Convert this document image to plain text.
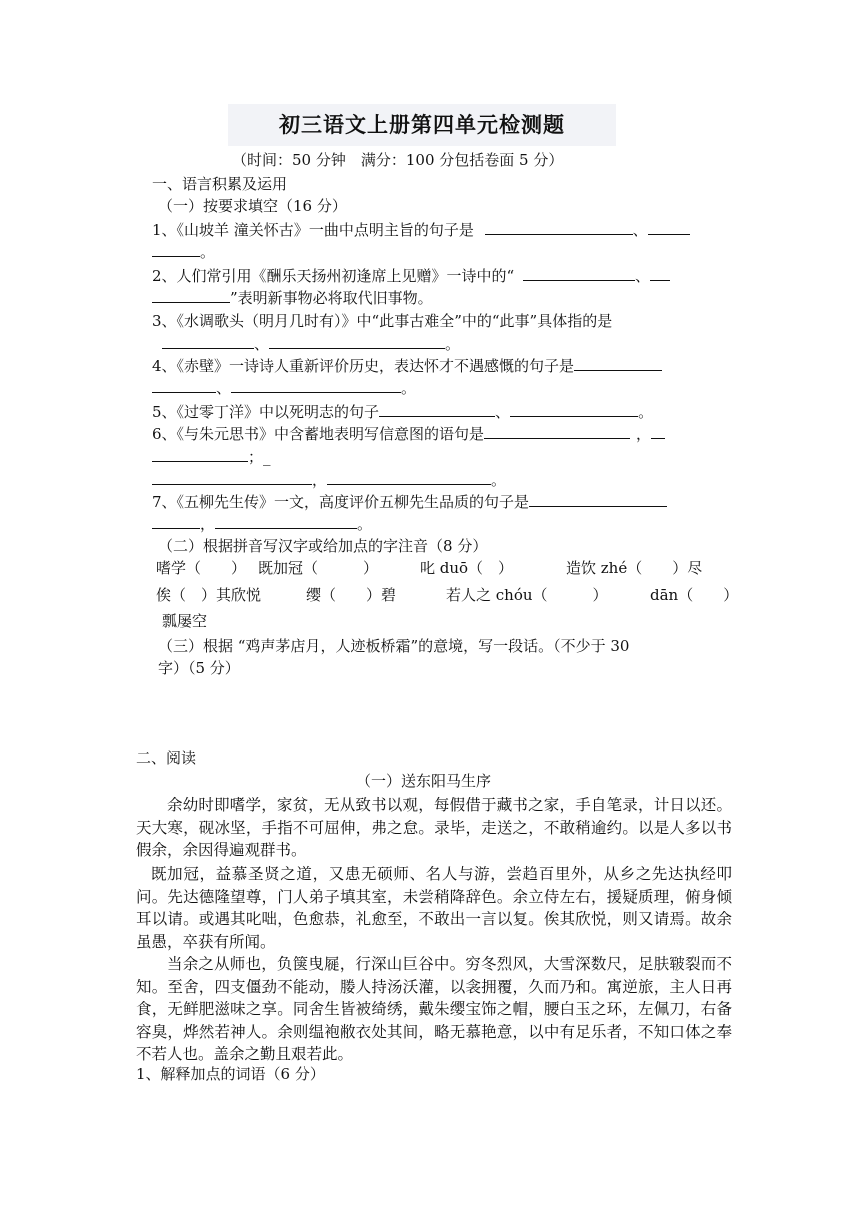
初三语文上册第四单元检测题
（时间：50 分钟　满分：100 分包括卷面 5 分）
一、语言积累及运用
（一）按要求填空（16 分）
1、《山坡羊 潼关怀古》一曲中点明主旨的句子是	、
。
2、人们常引用《酬乐天扬州初逢席上见赠》一诗中的“	、
”表明新事物必将取代旧事物。
3、《水调歌头（明月几时有）》中“此事古难全”中的“此事”具体指的是
、	。
4、《赤壁》一诗诗人重新评价历史，表达怀才不遇感慨的句子是
、	。
5、《过零丁洋》中以死明志的句子	、	。
6、《与朱元思书》中含蓄地表明写信意图的语句是	，
；_
，	。
7、《五柳先生传》一文，高度评价五柳先生品质的句子是
，	。
（二）根据拼音写汉字或给加点的字注音（8 分）
嗜学（　　） 既加冠（　　　）	叱 duō（　）	造饮 zhé（　　）尽
俟（　）其欣悦	缨（　　）碧	若人之 chóu（　　　）	dān（　　）
瓢屡空
（三）根据 “鸡声茅店月，人迹板桥霜”的意境，写一段话。（不少于 30
字）（5 分）
二、阅读
（一）送东阳马生序
余幼时即嗜学，家贫，无从致书以观，每假借于藏书之家，手自笔录，计日以还。天大寒，砚冰坚，手指不可屈伸，弗之怠。录毕，走送之，不敢稍逾约。以是人多以书假余，余因得遍观群书。
既加冠，益慕圣贤之道，又患无硕师、名人与游，尝趋百里外，从乡之先达执经叩问。先达德隆望尊，门人弟子填其室，未尝稍降辞色。余立侍左右，援疑质理，俯身倾耳以请。或遇其叱咄，色愈恭，礼愈至，不敢出一言以复。俟其欣悦，则又请焉。故余虽愚，卒获有所闻。
当余之从师也，负箧曳屣，行深山巨谷中。穷冬烈风，大雪深数尺，足肤皲裂而不知。至舍，四支僵劲不能动，媵人持汤沃灌，以衾拥覆，久而乃和。寓逆旅，主人日再食，无鲜肥滋味之享。同舍生皆被绮绣，戴朱缨宝饰之帽，腰白玉之环，左佩刀，右备容臭，烨然若神人。余则缊袍敝衣处其间，略无慕艳意，以中有足乐者，不知口体之奉不若人也。盖余之勤且艰若此。
1、解释加点的词语（6 分）
